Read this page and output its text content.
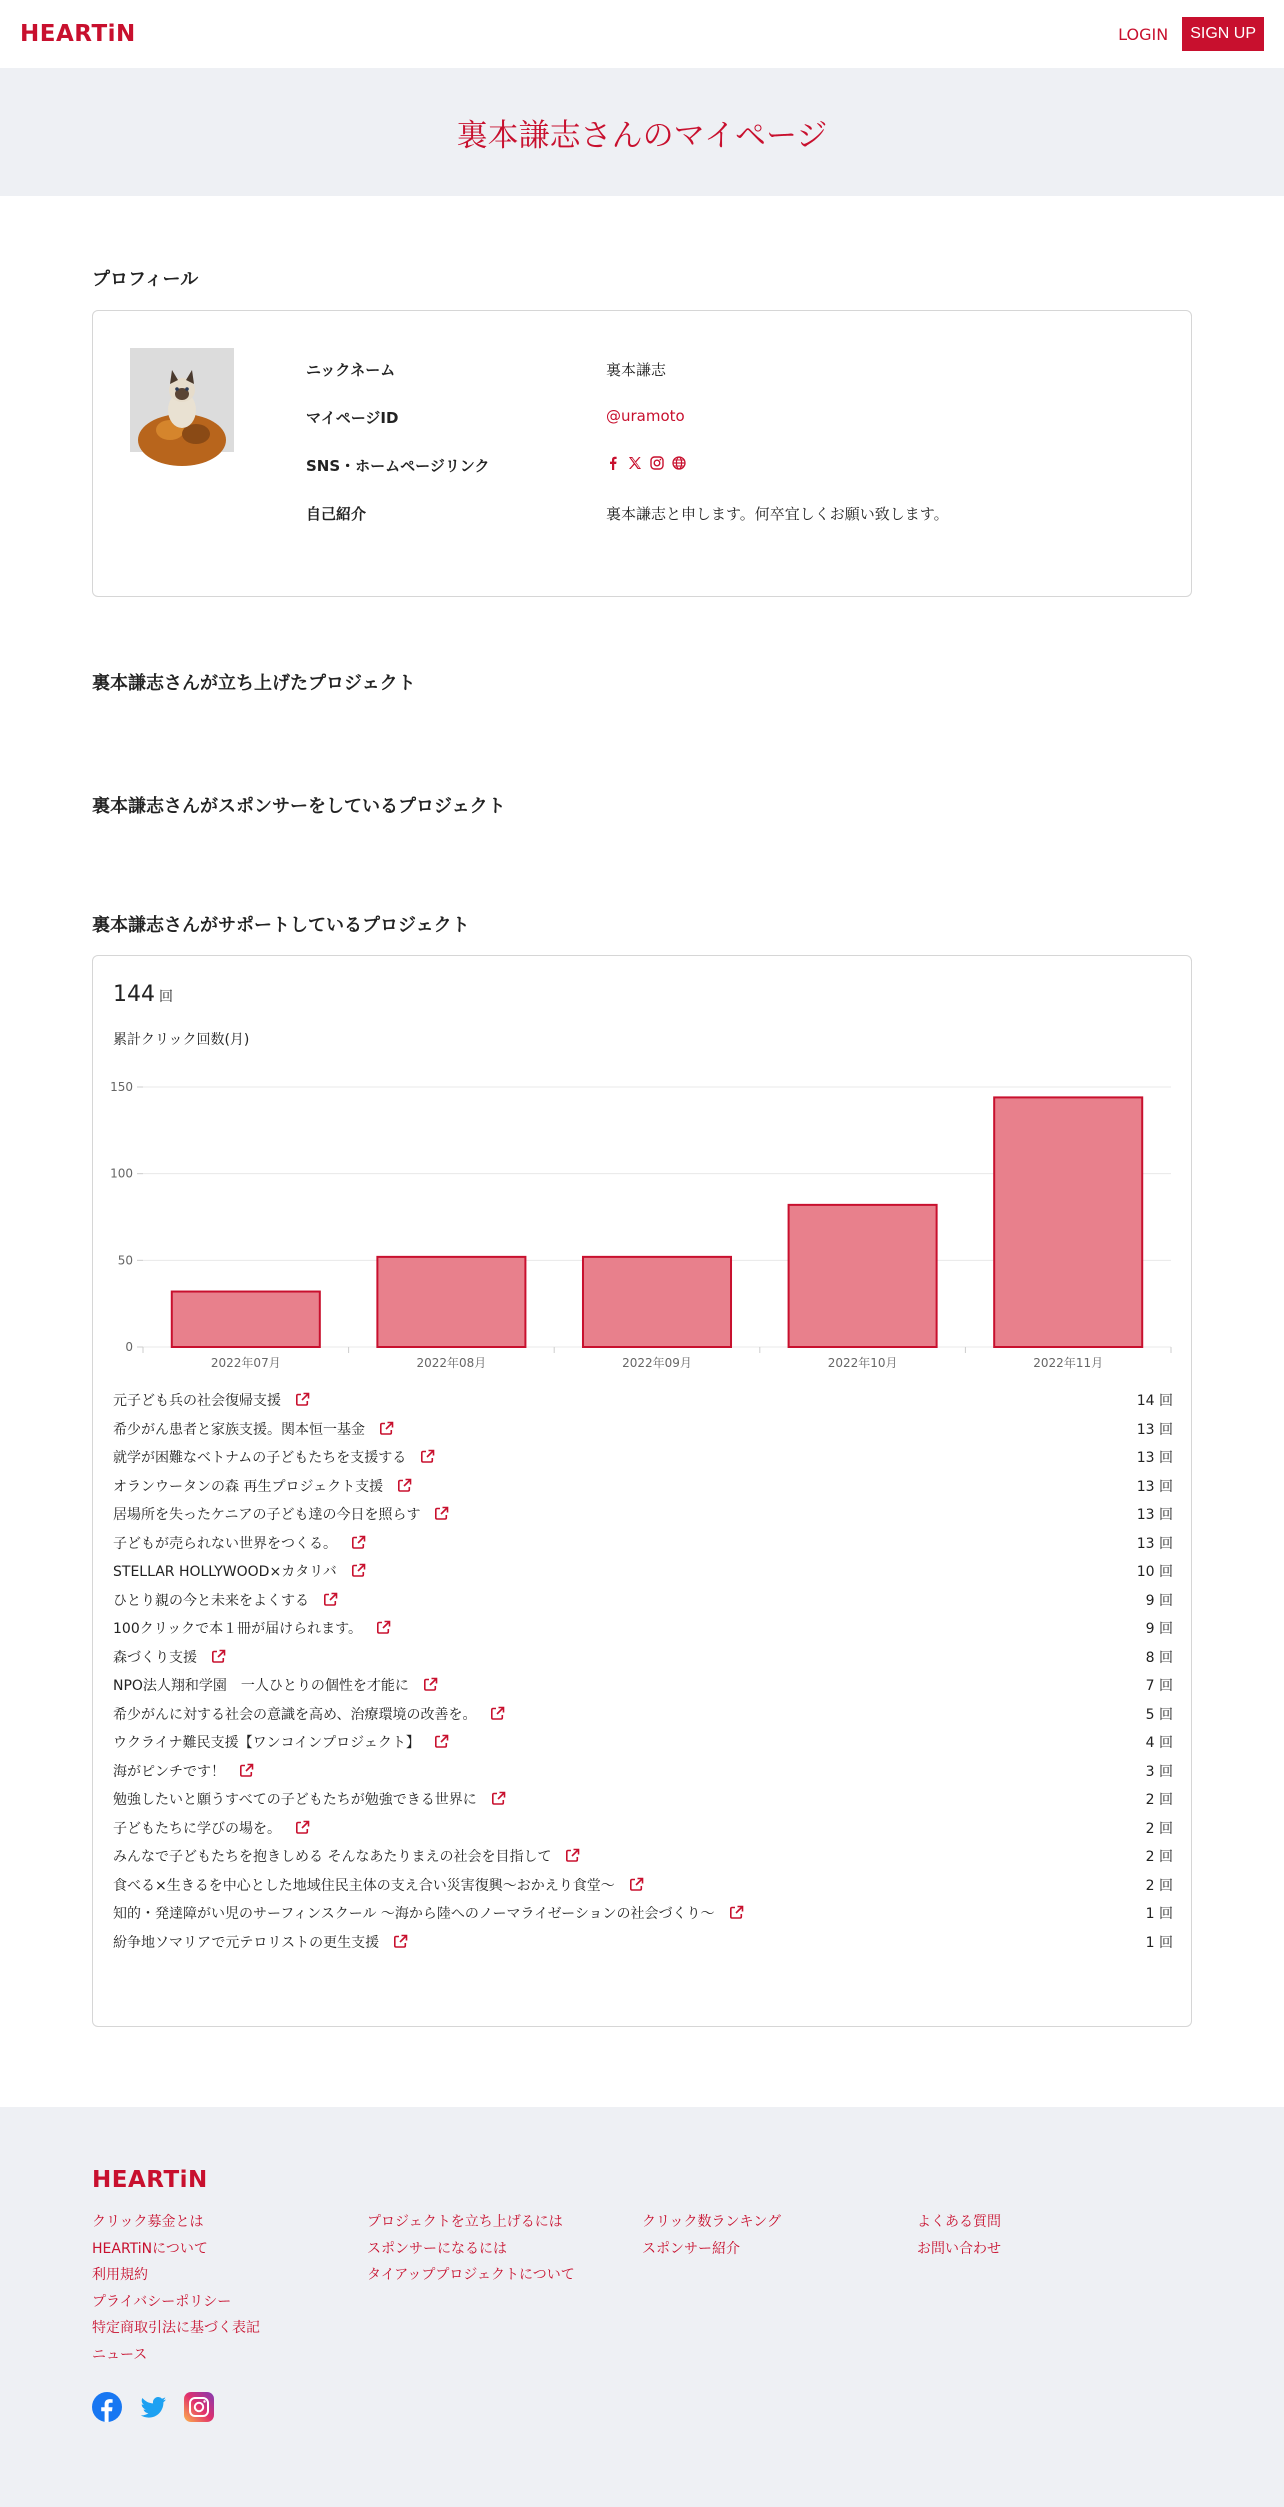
HEARTiN	LOGIN	SIGN UP
裏本謙志さんのマイページ
プロフィール
ニックネーム	裏本謙志
マイページID	@uramoto
SNS・ホームページリンク
自己紹介	裏本謙志と申します。何卒宜しくお願い致します。
裏本謙志さんが立ち上げたプロジェクト
裏本謙志さんがスポンサーをしているプロジェクト
裏本謙志さんがサポートしているプロジェクト
144 回
累計クリック回数(月)
0
50
100
150
2022年07月	2022年08月	2022年09月	2022年10月	2022年11月
元子ども兵の社会復帰支援	14 回
希少がん患者と家族支援。関本恒一基金	13 回
就学が困難なベトナムの子どもたちを支援する	13 回
オランウータンの森 再生プロジェクト支援	13 回
居場所を失ったケニアの子ども達の今日を照らす	13 回
子どもが売られない世界をつくる。	13 回
STELLAR HOLLYWOOD×カタリバ	10 回
ひとり親の今と未来をよくする	9 回
100クリックで本１冊が届けられます。	9 回
森づくり支援	8 回
NPO法人翔和学園　一人ひとりの個性を才能に	7 回
希少がんに対する社会の意識を高め、治療環境の改善を。	5 回
ウクライナ難民支援【ワンコインプロジェクト】	4 回
海がピンチです！	3 回
勉強したいと願うすべての子どもたちが勉強できる世界に	2 回
子どもたちに学びの場を。	2 回
みんなで子どもたちを抱きしめる そんなあたりまえの社会を目指して	2 回
食べる×生きるを中心とした地域住民主体の支え合い災害復興〜おかえり食堂〜	2 回
知的・発達障がい児のサーフィンスクール 〜海から陸へのノーマライゼーションの社会づくり〜	1 回
紛争地ソマリアで元テロリストの更生支援	1 回
HEARTiN
クリック募金とは
HEARTiNについて
利用規約
プライバシーポリシー
特定商取引法に基づく表記
ニュース
プロジェクトを立ち上げるには
スポンサーになるには
タイアッププロジェクトについて
クリック数ランキング
スポンサー紹介
よくある質問
お問い合わせ
